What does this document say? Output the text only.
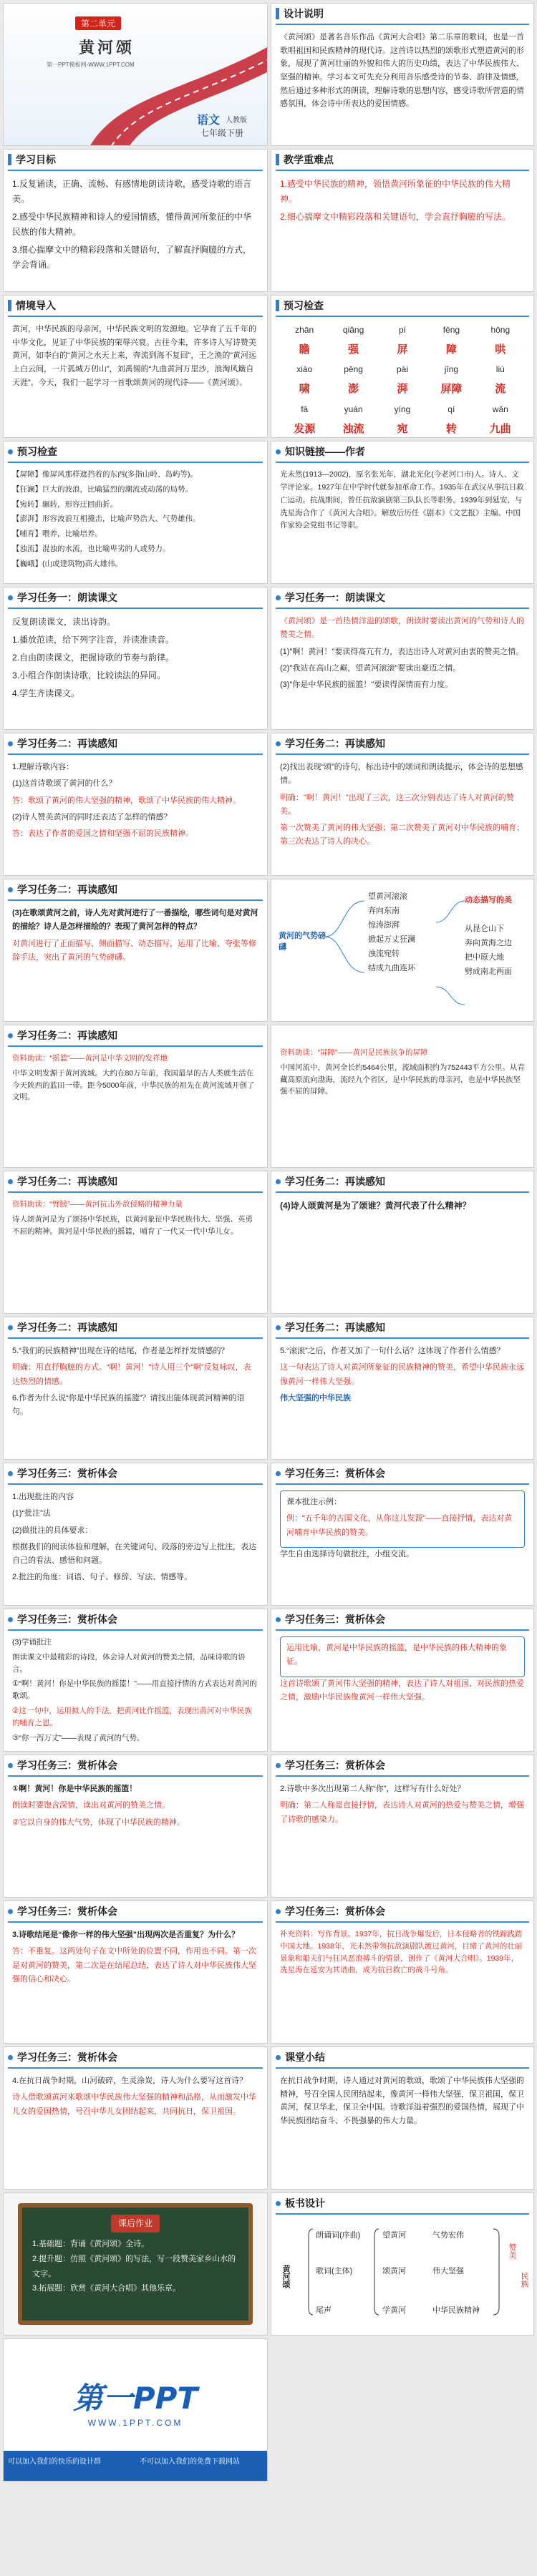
第二单元
黄河颂
第一PPT模板网-WWW.1PPT.COM
语文 人教版
七年级下册
设计说明

《黄河颂》是著名音乐作品《黄河大合唱》第二乐章的歌词，也是一首歌唱祖国和民族精神的现代诗。这首诗以热烈的颂歌形式塑造黄河的形象，展现了黄河壮丽的外貌和伟大的历史功绩，表达了中华民族伟大、坚强的精神。学习本文可先充分利用音乐感受诗的节奏、韵律及情感，然后通过多种形式的朗读，理解诗歌的思想内容，感受诗歌所营造的情感氛围，体会诗中所表达的爱国情感。

学习目标

1.反复诵读，正确、流畅、有感情地朗读诗歌，感受诗歌的语言美。

2.感受中华民族精神和诗人的爱国情感，懂得黄河所象征的中华民族的伟大精神。

3.细心揣摩文中的精彩段落和关键语句，了解直抒胸臆的方式，学会背诵。

教学重难点

1.感受中华民族的精神，领悟黄河所象征的中华民族的伟大精神。

2.细心揣摩文中精彩段落和关键语句，学会直抒胸臆的写法。

情境导入

黄河，中华民族的母亲河，中华民族文明的发源地。它孕育了五千年的中华文化，见证了中华民族的荣辱兴衰。古往今来，许多诗人写诗赞美黄河，如李白的“黄河之水天上来，奔流到海不复回”，王之涣的“黄河远上白云间，一片孤城万仞山”，刘禹锡的“九曲黄河万里沙，浪淘风簸自天涯”。今天，我们一起学习一首歌颂黄河的现代诗——《黄河颂》。

预习检查
zhān	qiǎng	pí	fēng	hōng
瞻	强	屏	障	哄
xiào	pēng	pài	jīng	liú
啸	澎	湃	屏障	流
fā	yuán	yíng	qí	wǎn
发源	浊流	宛	转	九曲
预习检查

【屏障】像屏风那样遮挡着的东西(多指山岭、岛屿等)。

【狂澜】巨大的波浪，比喻猛烈的潮流或动荡的局势。

【宛转】辗转，形容迂回曲折。

【澎湃】形容波浪互相撞击，比喻声势浩大、气势雄伟。

【哺育】喂养，比喻培养。

【浊流】混浊的水流，也比喻卑劣的人或势力。

【巍峨】(山或建筑物)高大雄伟。

知识链接——作者

光未然(1913—2002)，原名张光年，湖北光化(今老河口市)人。诗人、文学评论家。1927年在中学时代就参加革命工作。1935年在武汉从事抗日救亡运动。抗战期间，曾任抗敌演剧第三队队长等职务。1939年到延安，与冼星海合作了《黄河大合唱》。解放后历任《剧本》《文艺报》主编、中国作家协会党组书记等职。

学习任务一：朗读课文

反复朗读课文，读出诗韵。

1.播放范读，给下列字注音，并读准读音。

2.自由朗读课文，把握诗歌的节奏与韵律。

3.小组合作朗读诗歌，比较读法的异同。

4.学生齐读课文。

学习任务一：朗读课文

《黄河颂》是一首热情洋溢的颂歌，朗读时要读出黄河的气势和诗人的赞美之情。

(1)"啊！黄河！"要读得高亢有力，表达出诗人对黄河由衷的赞美之情。

(2)"我站在高山之巅，望黄河滚滚"要读出豪迈之情。

(3)"你是中华民族的摇篮！"要读得深情而有力度。

学习任务二：再读感知

1.理解诗歌内容：

(1)这首诗歌颂了黄河的什么？

答：歌颂了黄河的伟大坚强的精神，歌颂了中华民族的伟大精神。

(2)诗人赞美黄河的同时还表达了怎样的情感？

答：表达了作者的爱国之情和坚强不屈的民族精神。

学习任务二：再读感知

(2)找出表现“颂”的诗句，标出诗中的颂词和朗读提示，体会诗的思想感情。

明确："啊！黄河！"出现了三次，这三次分别表达了诗人对黄河的赞美。

第一次赞美了黄河的伟大坚强；第二次赞美了黄河对中华民族的哺育；第三次表达了诗人的决心。

学习任务二：再读感知

(3)在歌颂黄河之前，诗人先对黄河进行了一番描绘，哪些词句是对黄河的描绘？诗人是怎样描绘的？表现了黄河怎样的特点？

对黄河进行了正面描写、侧面描写、动态描写，运用了比喻、夸张等修辞手法，突出了黄河的气势磅礴。

黄河的气势磅礴
望黄河滚滚
奔向东南
惊涛澎湃
掀起万丈狂澜
浊流宛转
结成九曲连环
动态描写的美
从昆仑山下
奔向黄海之边
把中原大地
劈成南北两面
学习任务二：再读感知

资料助读：“摇篮”——黄河是中华文明的发祥地

中华文明发源于黄河流域。大约在80万年前，我国最早的古人类就生活在今天陕西的蓝田一带。距今5000年前，中华民族的祖先在黄河流域开创了文明。

资料助读：“屏障”——黄河是民族抗争的屏障

中国河流中，黄河全长约5464公里，流域面积约为752443平方公里。从青藏高原流向渤海，流经九个省区，是中华民族的母亲河，也是中华民族坚强不屈的屏障。

学习任务二：再读感知

资料助读：“臂膀”——黄河抗击外敌侵略的精神力量

诗人颂黄河是为了颂扬中华民族，以黄河象征中华民族伟大、坚强、英勇不屈的精神。黄河是中华民族的摇篮，哺育了一代又一代中华儿女。

学习任务二：再读感知

(4)诗人颂黄河是为了颂谁？黄河代表了什么精神？

学习任务二：再读感知

5.“我们的民族精神”出现在诗的结尾，作者是怎样抒发情感的？

明确：用直抒胸臆的方式。“啊！黄河！”诗人用三个“啊”反复咏叹，表达热烈的情感。

6.作者为什么说“你是中华民族的摇篮”？请找出能体现黄河精神的语句。

学习任务二：再读感知

5.“滚滚”之后，作者又加了一句什么话？这体现了作者什么情感？

这一句表达了诗人对黄河所象征的民族精神的赞美，希望中华民族永远像黄河一样伟大坚强。

伟大坚强的中华民族

学习任务三：赏析体会

1.出现批注的内容

(1)“批注”法

(2)做批注的具体要求：

根据我们的阅读体验和理解，在关键词句、段落的旁边写上批注，表达自己的看法、感悟和问题。

2.批注的角度：词语、句子、修辞、写法、情感等。

学习任务三：赏析体会

课本批注示例：

例：“五千年的古国文化，从你这儿发源”——直接抒情，表达对黄河哺育中华民族的赞美。

学生自由选择诗句做批注，小组交流。

学习任务三：赏析体会

(3)学诵批注

朗读课文中最精彩的诗段，体会诗人对黄河的赞美之情，品味诗歌的语言。

①“啊！黄河！你是中华民族的摇篮！”——用直接抒情的方式表达对黄河的歌颂。

②这一句中，运用拟人的手法，把黄河比作摇篮，表现出黄河对中华民族的哺育之恩。

③“你一泻万丈”——表现了黄河的气势。

学习任务三：赏析体会

运用比喻，黄河是中华民族的摇篮，是中华民族的伟大精神的象征。

这首诗歌颂了黄河伟大坚强的精神，表达了诗人对祖国、对民族的热爱之情，激励中华民族像黄河一样伟大坚强。

学习任务三：赏析体会

①啊！黄河！你是中华民族的摇篮！

朗读时要饱含深情，读出对黄河的赞美之情。

②它以自身的伟大气势，体现了中华民族的精神。

学习任务三：赏析体会

2.诗歌中多次出现第二人称“你”，这样写有什么好处？

明确：第二人称是直接抒情，表达诗人对黄河的热爱与赞美之情，增强了诗歌的感染力。

学习任务三：赏析体会

3.诗歌结尾是“像你一样的伟大坚强”出现两次是否重复？为什么？

答：不重复。这两处句子在文中所处的位置不同，作用也不同。第一次是对黄河的赞美，第二次是在结尾总结，表达了诗人对中华民族伟大坚强的信心和决心。

学习任务三：赏析体会

补充资料：写作背景。1937年，抗日战争爆发后，日本侵略者的铁蹄践踏中国大地。1938年，光未然带领抗敌演剧队渡过黄河，目睹了黄河的壮丽景象和船夫们与狂风恶浪搏斗的情景，创作了《黄河大合唱》。1939年，冼星海在延安为其谱曲，成为抗日救亡的战斗号角。

学习任务三：赏析体会

4.在抗日战争时期，山河破碎，生灵涂炭，诗人为什么要写这首诗？

诗人借歌颂黄河来歌颂中华民族伟大坚强的精神和品格，从而激发中华儿女的爱国热情，号召中华儿女团结起来，共同抗日，保卫祖国。

课堂小结

在抗日战争时期，诗人通过对黄河的歌颂，歌颂了中华民族伟大坚强的精神，号召全国人民团结起来，像黄河一样伟大坚强，保卫祖国，保卫黄河，保卫华北，保卫全中国。诗歌洋溢着强烈的爱国热情，展现了中华民族团结奋斗、不畏强暴的伟大力量。

课后作业

1.基础题：背诵《黄河颂》全诗。

2.提升题：仿照《黄河颂》的写法，写一段赞美家乡山水的文字。

3.拓展题：欣赏《黄河大合唱》其他乐章。

板书设计
黄河颂
朗诵词(序曲)
歌词(主体)
尾声
望黄河
颂黄河
学黄河
气势宏伟
伟大坚强
中华民族精神
赞美
民族
第一PPT
WWW.1PPT.COM
可以加入我们的快乐的设计群	不可以加入我们的免费下载网站
